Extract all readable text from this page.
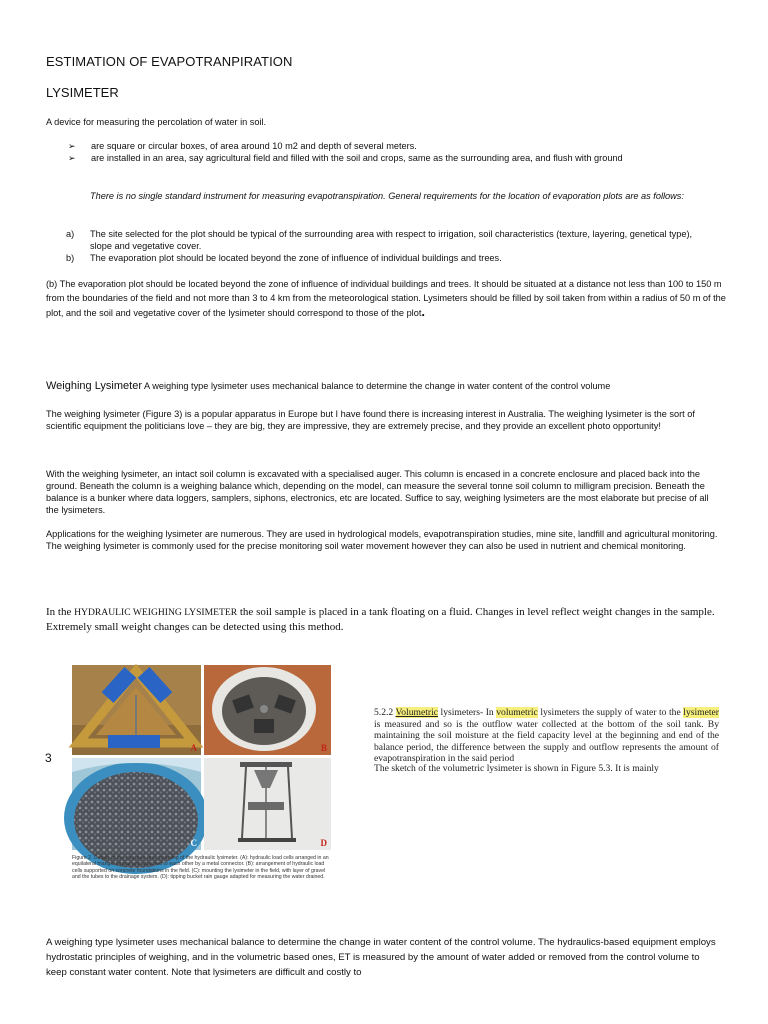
ESTIMATION OF EVAPOTRANPIRATION
LYSIMETER
A device for measuring the percolation of water in soil.
➢	are square or circular boxes, of area around 10 m2 and depth of several meters.
➢	are installed in an area, say agricultural field and filled with the soil and crops, same as the surrounding area, and flush with ground
There is no single standard instrument for measuring evapotranspiration. General requirements for the location of evaporation plots are as follows:
a)	The site selected for the plot should be typical of the surrounding area with respect to irrigation, soil characteristics (texture, layering, genetical type), slope and vegetative cover.
b)	The evaporation plot should be located beyond the zone of influence of individual buildings and trees.
(b) The evaporation plot should be located beyond the zone of influence of individual buildings and trees. It should be situated at a distance not less than 100 to 150 m from the boundaries of the field and not more than 3 to 4 km from the meteorological station. Lysimeters should be filled by soil taken from within a radius of 50 m of the plot, and the soil and vegetative cover of the lysimeter should correspond to those of the plot.
Weighing Lysimeter A weighing type lysimeter uses mechanical balance to determine the change in water content of the control volume
The weighing lysimeter (Figure 3) is a popular apparatus in Europe but I have found there is increasing interest in Australia. The weighing lysimeter is the sort of scientific equipment the politicians love – they are big, they are impressive, they are extremely precise, and they provide an excellent photo opportunity!
With the weighing lysimeter, an intact soil column is excavated with a specialised auger. This column is encased in a concrete enclosure and placed back into the ground. Beneath the column is a weighing balance which, depending on the model, can measure the several tonne soil column to milligram precision. Beneath the balance is a bunker where data loggers, samplers, siphons, electronics, etc are located. Suffice to say, weighing lysimeters are the most elaborate but precise of all the lysimeters.
Applications for the weighing lysimeter are numerous. They are used in hydrological models, evapotranspiration studies, mine site, landfill and agricultural monitoring. The weighing lysimeter is commonly used for the precise monitoring soil water movement however they can also be used in nutrient and chemical monitoring.
In the HYDRAULIC WEIGHING LYSIMETER the soil sample is placed in a tank floating on a fluid. Changes in level reflect weight changes in the sample. Extremely small weight changes can be detected using this method.
3
A	B
C	D
Figure 2. Details of the structure and mounting of the hydraulic lysimeter. (A): hydraulic load cells arranged in an equilateral triangle format and attached to each other by a metal connector. (B): arrangement of hydraulic load cells supported on concrete foundations in the field. (C): mounting the lysimeter in the field, with layer of gravel and the tubes to the drainage system. (D): tipping bucket rain gauge adapted for measuring the water drained.
5.2.2 Volumetric lysimeters- In volumetric lysimeters the supply of water to the lysimeter is measured and so is the outflow water collected at the bottom of the soil tank. By maintaining the soil moisture at the field capacity level at the beginning and end of the balance period, the difference between the supply and outflow represents the amount of evapotranspiration in the said period
The sketch of the volumetric lysimeter is shown in Figure 5.3. It is mainly
A weighing type lysimeter uses mechanical balance to determine the change in water content of the control volume. The hydraulics-based equipment employs hydrostatic principles of weighing, and in the volumetric based ones, ET is measured by the amount of water added or removed from the control volume to keep constant water content. Note that lysimeters are difficult and costly to
